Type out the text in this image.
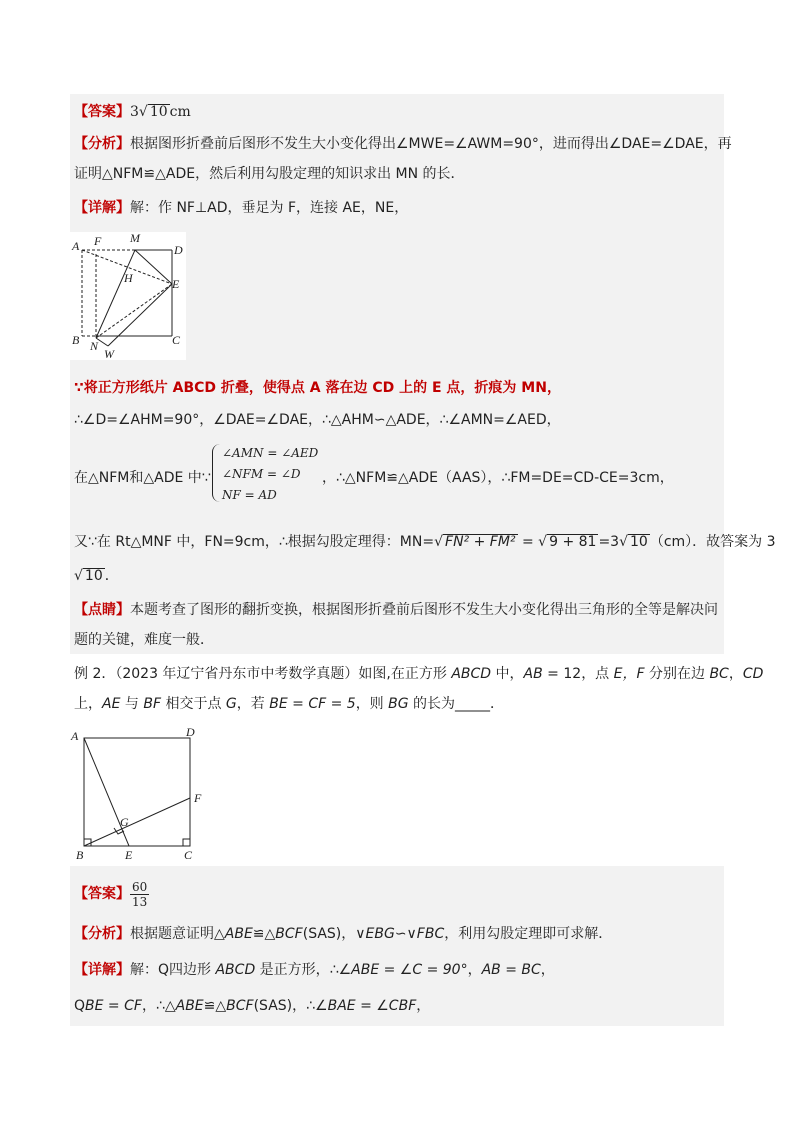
【答案】3√ 10 cm
【分析】根据图形折叠前后图形不发生大小变化得出∠MWE=∠AWM=90°，进而得出∠DAE=∠DAE，再
证明△NFM≌△ADE，然后利用勾股定理的知识求出 MN 的长．
【详解】解：作 NF⊥AD，垂足为 F，连接 AE，NE，
A F M
D
H	E
B N
W
C
∵将正方形纸片 ABCD 折叠，使得点 A 落在边 CD 上的 E 点，折痕为 MN，
∴∠D=∠AHM=90°，∠DAE=∠DAE，∴△AHM∽△ADE，∴∠AMN=∠AED，
在△NFM和△ADE 中∵
∠AMN = ∠AED
∠NFM = ∠D
NF = AD
，∴△NFM≌△ADE（AAS），∴FM=DE=CD-CE=3cm，
又∵在 Rt△MNF 中，FN=9cm，∴根据勾股定理得：MN=√ FN² + FM² = √ 9 + 81 =3√ 10 （cm）．故答案为 3
√ 10 ．
【点睛】本题考查了图形的翻折变换，根据图形折叠前后图形不发生大小变化得出三角形的全等是解决问
题的关键，难度一般．
例 2．（2023 年辽宁省丹东市中考数学真题）如图,在正方形 ABCD 中，AB = 12，点 E，F 分别在边 BC，CD
上，AE 与 BF 相交于点 G，若 BE = CF = 5，则 BG 的长为_____．
A	D
F
G
B	E	C
【答案】 $\frac{60}{13}$
【分析】根据题意证明△ABE≌△BCF(SAS)，∨EBG∽∨FBC，利用勾股定理即可求解．
【详解】解：Q四边形 ABCD 是正方形，∴∠ABE = ∠C = 90°，AB = BC，
QBE = CF，∴△ABE≌△BCF(SAS)，∴∠BAE = ∠CBF，
